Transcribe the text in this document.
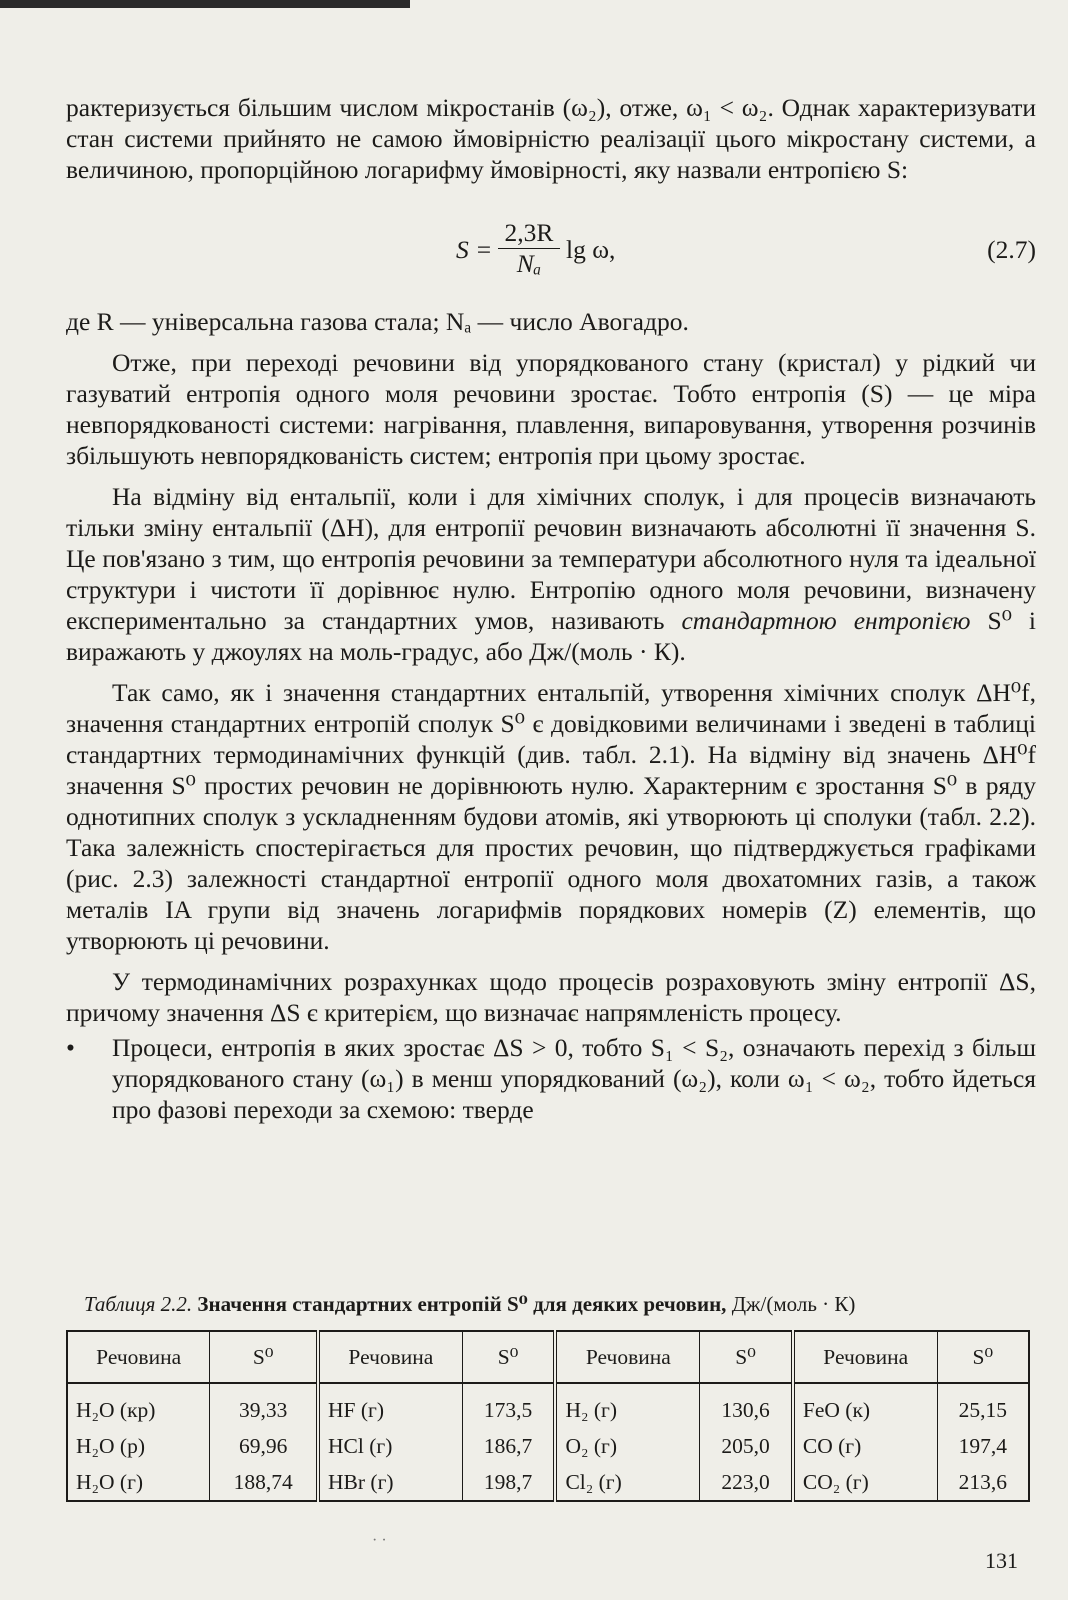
рактеризується більшим числом мікростанів (ω₂), отже, ω₁ < ω₂. Однак характеризувати стан системи прийнято не самою ймовірністю реалізації цього мікростану системи, а величиною, пропорційною логарифму ймовірності, яку назвали ентропією S:

$S = \frac{2,3R}{\text{Nₐ}}$ lg ω,	(2.7)

де R — універсальна газова стала; Nₐ — число Авогадро.

Отже, при переході речовини від упорядкованого стану (кристал) у рідкий чи газуватий ентропія одного моля речовини зростає. Тобто ентропія (S) — це міра невпорядкованості системи: нагрівання, плавлення, випаровування, утворення розчинів збільшують невпорядкованість систем; ентропія при цьому зростає.

На відміну від ентальпії, коли і для хімічних сполук, і для процесів визначають тільки зміну ентальпії (ΔH), для ентропії речовин визначають абсолютні її значення S. Це пов'язано з тим, що ентропія речовини за температури абсолютного нуля та ідеальної структури і чистоти її дорівнює нулю. Ентропію одного моля речовини, визначену експериментально за стандартних умов, називають стандартною ентропією S⁰ і виражають у джоулях на моль-градус, або Дж/(моль · К).

Так само, як і значення стандартних ентальпій, утворення хімічних сполук ΔH⁰f, значення стандартних ентропій сполук S⁰ є довідковими величинами і зведені в таблиці стандартних термодинамічних функцій (див. табл. 2.1). На відміну від значень ΔH⁰f значення S⁰ простих речовин не дорівнюють нулю. Характерним є зростання S⁰ в ряду однотипних сполук з ускладненням будови атомів, які утворюють ці сполуки (табл. 2.2). Така залежність спостерігається для простих речовин, що підтверджується графіками (рис. 2.3) залежності стандартної ентропії одного моля двохатомних газів, а також металів IA групи від значень логарифмів порядкових номерів (Z) елементів, що утворюють ці речовини.

У термодинамічних розрахунках щодо процесів розраховують зміну ентропії ΔS, причому значення ΔS є критерієм, що визначає напрямленість процесу.

• Процеси, ентропія в яких зростає ΔS > 0, тобто S₁ < S₂, означають перехід з більш упорядкованого стану (ω₁) в менш упорядкований (ω₂), коли ω₁ < ω₂, тобто йдеться про фазові переходи за схемою: тверде

Таблиця 2.2. Значення стандартних ентропій S⁰ для деяких речовин, Дж/(моль · К)
Речовина	S⁰	Речовина	S⁰	Речовина	S⁰	Речовина	S⁰
H₂O (кр)	39,33	HF (г)	173,5	H₂ (г)	130,6	FeO (к)	25,15
H₂O (р)	69,96	HCl (г)	186,7	O₂ (г)	205,0	CO (г)	197,4
H₂O (г)	188,74	HBr (г)	198,7	Cl₂ (г)	223,0	CO₂ (г)	213,6
· ·
131
